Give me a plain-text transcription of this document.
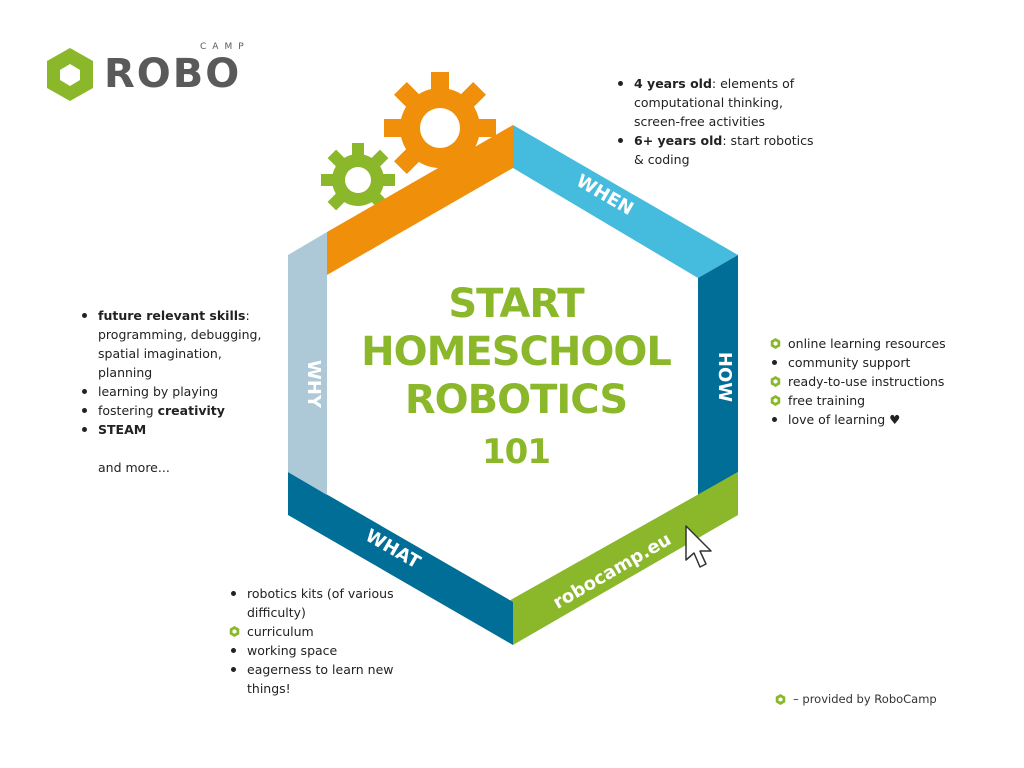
WHEN
HOW
WHAT
WHY
robocamp.eu
CAMP
ROBO
START
HOMESCHOOL
ROBOTICS
101
4 years old: elements of computational thinking, screen-free activities
6+ years old: start robotics & coding
future relevant skills: programming, debugging, spatial imagination, planning
learning by playing
fostering creativity
STEAM
and more...
online learning resources
community support
ready-to-use instructions
free training
love of learning ♥
robotics kits (of various difficulty)
curriculum
working space
eagerness to learn new things!
– provided by RoboCamp
